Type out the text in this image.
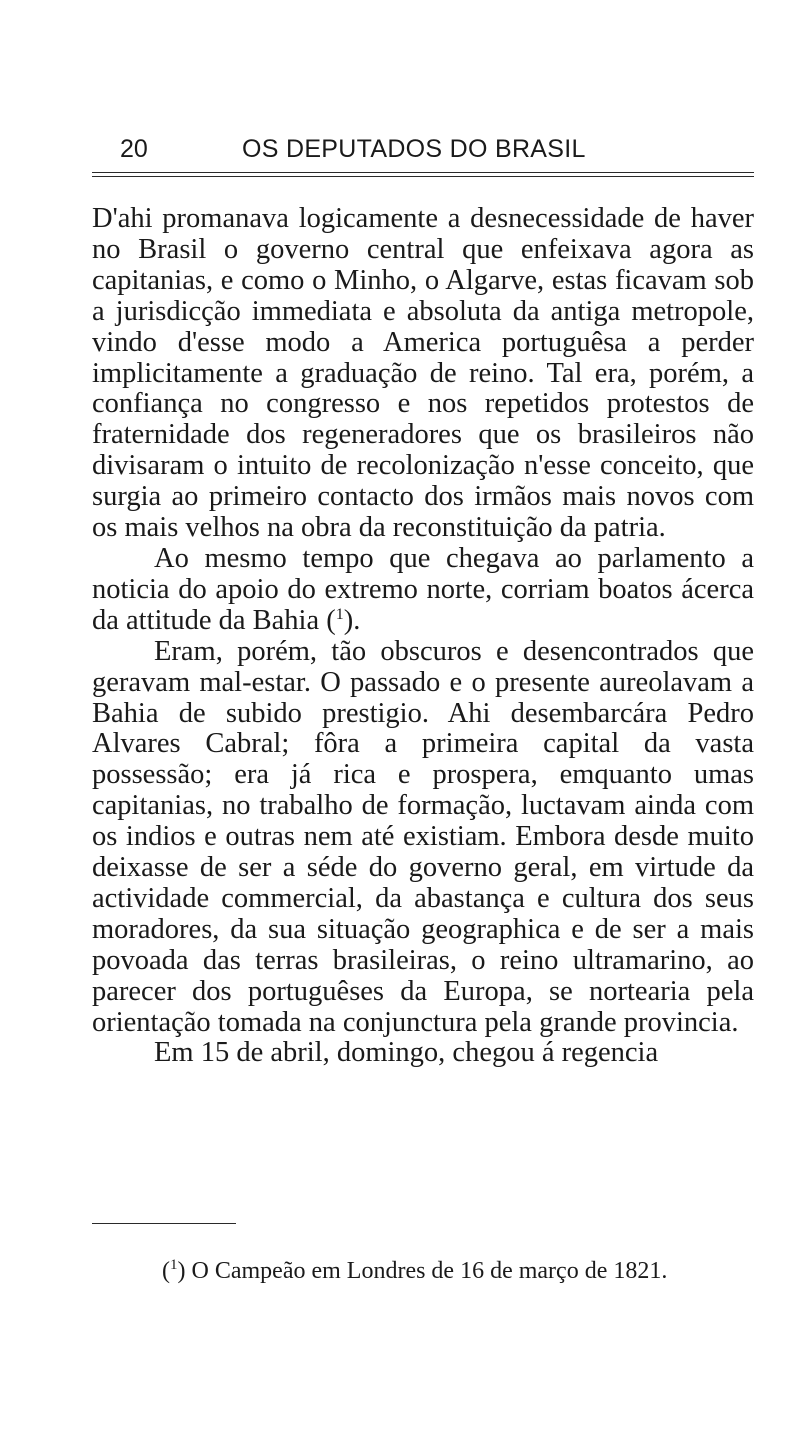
20	OS DEPUTADOS DO BRASIL

D'ahi promanava logicamente a desnecessidade de haver no Brasil o governo central que enfeixava agora as capitanias, e como o Minho, o Algarve, estas ficavam sob a jurisdicção immediata e absoluta da antiga metropole, vindo d'esse modo a America portuguêsa a perder implicitamente a graduação de reino. Tal era, porém, a confiança no congresso e nos repetidos protestos de fraternidade dos regeneradores que os brasileiros não divisaram o intuito de recolonização n'esse conceito, que surgia ao primeiro contacto dos irmãos mais novos com os mais velhos na obra da reconstituição da patria.

Ao mesmo tempo que chegava ao parlamento a noticia do apoio do extremo norte, corriam boatos ácerca da attitude da Bahia ($^1$).

Eram, porém, tão obscuros e desencontrados que geravam mal-estar. O passado e o presente aureolavam a Bahia de subido prestigio. Ahi desembarcára Pedro Alvares Cabral; fôra a primeira capital da vasta possessão; era já rica e prospera, emquanto umas capitanias, no trabalho de formação, luctavam ainda com os indios e outras nem até existiam. Embora desde muito deixasse de ser a séde do governo geral, em virtude da actividade commercial, da abastança e cultura dos seus moradores, da sua situação geographica e de ser a mais povoada das terras brasileiras, o reino ultramarino, ao parecer dos portuguêses da Europa, se nortearia pela orientação tomada na conjunctura pela grande provincia.

Em 15 de abril, domingo, chegou á regencia

($^1$) O Campeão em Londres de 16 de março de 1821.
